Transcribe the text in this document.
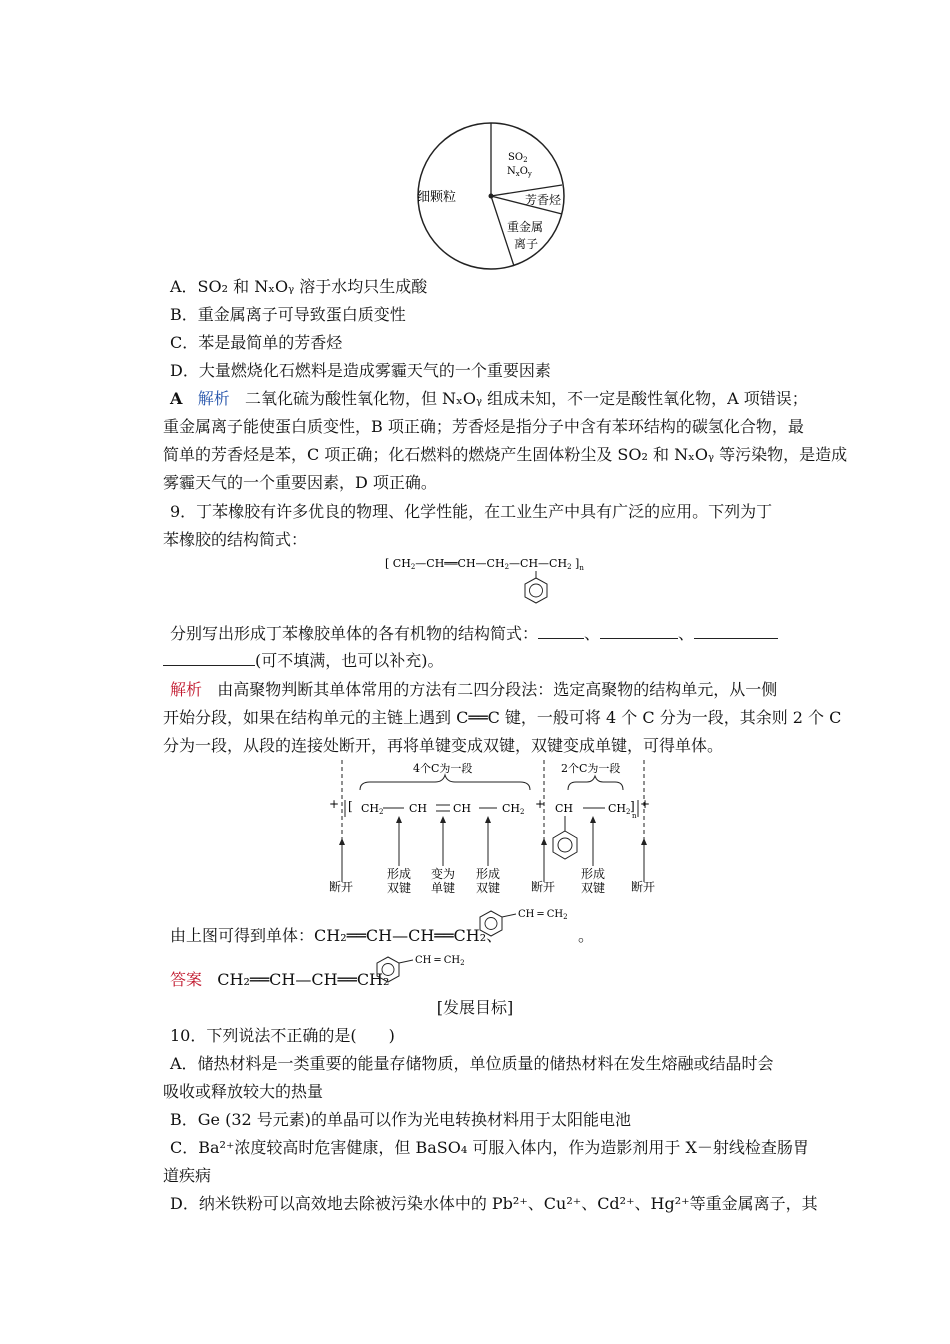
细颗粒
$SO_2$
$N_xO_y$
芳香烃
重金属
离子
A．SO₂ 和 NₓOᵧ 溶于水均只生成酸
B．重金属离子可导致蛋白质变性
C．苯是最简单的芳香烃
D．大量燃烧化石燃料是造成雾霾天气的一个重要因素
A 解析 二氧化硫为酸性氧化物，但 NₓOᵧ 组成未知，不一定是酸性氧化物，A 项错误；
重金属离子能使蛋白质变性，B 项正确；芳香烃是指分子中含有苯环结构的碳氢化合物，最
简单的芳香烃是苯，C 项正确；化石燃料的燃烧产生固体粉尘及 SO₂ 和 NₓOᵧ 等污染物，是造成
雾霾天气的一个重要因素，D 项正确。
9．丁苯橡胶有许多优良的物理、化学性能，在工业生产中具有广泛的应用。下列为丁
苯橡胶的结构简式：
[ CH2—CH══CH—CH2—CH—CH2 ]$_n$
分别写出形成丁苯橡胶单体的各有机物的结构简式：	、	、
(可不填满，也可以补充)。
解析 由高聚物判断其单体常用的方法有二四分段法：选定高聚物的结构单元，从一侧
开始分段，如果在结构单元的主链上遇到 C══C 键，一般可将 4 个 C 分为一段，其余则 2 个 C
分为一段，从段的连接处断开，再将单键变成双键，双键变成单键，可得单体。
4个C为一段	2个C为一段
CH2 CH CH	CH2	CH	CH2 n
+ [	]
+	+
断开
形成
双键
变为
单键
形成
双键	断开
形成
双键 断开
由上图可得到单体：CH₂══CH—CH══CH₂、
CH ═ $CH_2$
。
答案 CH₂══CH—CH══CH₂
CH ═ $CH_2$
[发展目标]
10．下列说法不正确的是(　　)
A．储热材料是一类重要的能量存储物质，单位质量的储热材料在发生熔融或结晶时会
吸收或释放较大的热量
B．Ge (32 号元素)的单晶可以作为光电转换材料用于太阳能电池
C．Ba²⁺浓度较高时危害健康，但 BaSO₄ 可服入体内，作为造影剂用于 X－射线检查肠胃
道疾病
D．纳米铁粉可以高效地去除被污染水体中的 Pb²⁺、Cu²⁺、Cd²⁺、Hg²⁺等重金属离子，其
